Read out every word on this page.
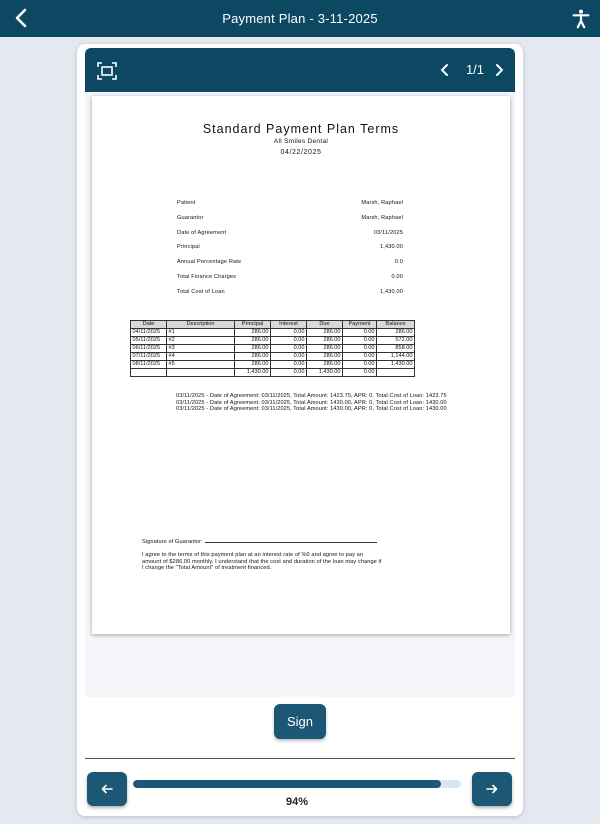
Payment Plan - 3-11-2025
1/1
Standard Payment Plan Terms
All Smiles Dental
04/22/2025
Patient	Marsh, Raphael
Guarantor	Marsh, Raphael
Date of Agreement	03/11/2025
Principal	1,430.00
Annual Percentage Rate	0.0
Total Finance Charges	0.00
Total Cost of Loan	1,430.00
Date	Description	Principal	Interest	Due	Payment	Balance
04/11/2025	#1	286.00	0.00	286.00	0.00	286.00
05/11/2025	#2	286.00	0.00	286.00	0.00	572.00
06/11/2025	#3	286.00	0.00	286.00	0.00	858.00
07/11/2025	#4	286.00	0.00	286.00	0.00	1,144.00
08/11/2025	#5	286.00	0.00	286.00	0.00	1,430.00
		1,430.00	0.00	1,430.00	0.00	

03/11/2025 - Date of Agreement: 03/11/2025, Total Amount: 1423.75, APR: 0, Total Cost of Loan: 1423.75

03/11/2025 - Date of Agreement: 03/11/2025, Total Amount: 1430.00, APR: 0, Total Cost of Loan: 1430.00

03/11/2025 - Date of Agreement: 03/11/2025, Total Amount: 1430.00, APR: 0, Total Cost of Loan: 1430.00

Signature of Guarantor:
I agree to the terms of this payment plan at an interest rate of %0 and agree to pay an amount of $286.00 monthly. I understand that the cost and duration of the loan may change if I change the "Total Amount" of treatment financed.
Sign
94%
